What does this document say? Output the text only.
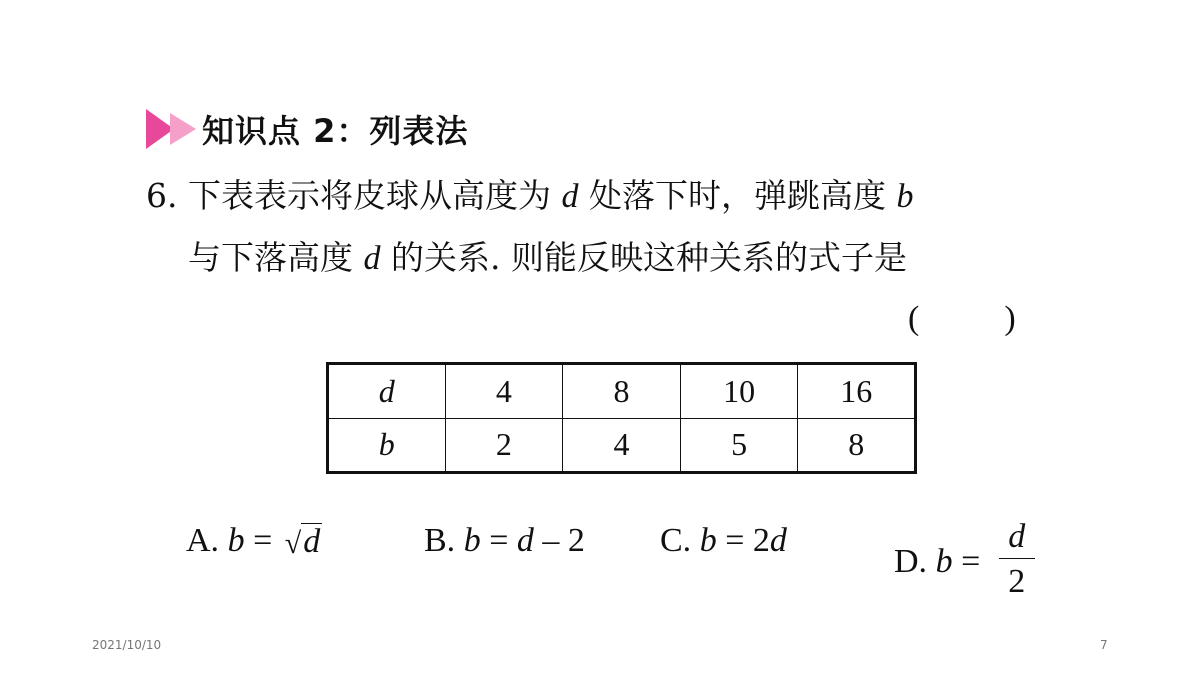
知识点 2：列表法
6. 下表表示将皮球从高度为 d 处落下时，弹跳高度 b
与下落高度 d 的关系. 则能反映这种关系的式子是
(          )
d	4	8	10	16
b	2	4	5	8
A. b = √ d	B. b = d – 2 C. b = 2 d
D. $b = \frac{d}{2}$
2021/10/10	7
